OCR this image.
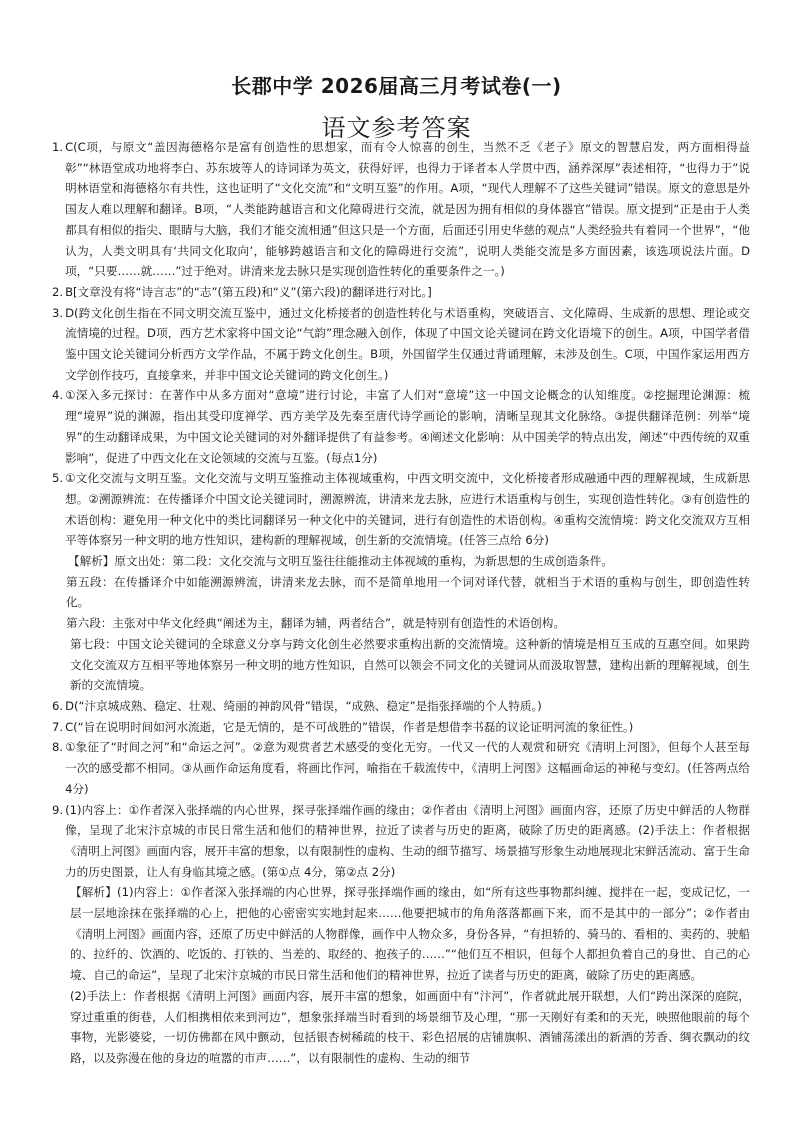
长郡中学 2026届高三月考试卷(一)
语文参考答案
1. C(C项，与原文“盖因海德格尔是富有创造性的思想家，而有令人惊喜的创生，当然不乏《老子》原文的智慧启发，两方面相得益彰”“林语堂成功地将李白、苏东坡等人的诗词译为英文，获得好评，也得力于译者本人学贯中西，涵养深厚”表述相符，“也得力于”说明林语堂和海德格尔有共性，这也证明了“文化交流”和“文明互鉴”的作用。A项，“现代人理解不了这些关键词”错误。原文的意思是外国友人难以理解和翻译。B项，“人类能跨越语言和文化障碍进行交流，就是因为拥有相似的身体器官”错误。原文提到“正是由于人类都具有相似的指尖、眼睛与大脑，我们才能交流相通”但这只是一个方面，后面还引用史华慈的观点“人类经验共有着同一个世界”，“他认为，人类文明具有‘共同文化取向’，能够跨越语言和文化的障碍进行交流”，说明人类能交流是多方面因素，该选项说法片面。D项，“只要……就……”过于绝对。讲清来龙去脉只是实现创造性转化的重要条件之一。)
2. B[文章没有将“诗言志”的“志”(第五段)和“义”(第六段)的翻译进行对比。]
3. D(跨文化创生指在不同文明交流互鉴中，通过文化桥接者的创造性转化与术语重构，突破语言、文化障碍、生成新的思想、理论或交流情境的过程。D项，西方艺术家将中国文论“气韵”理念融入创作，体现了中国文论关键词在跨文化语境下的创生。A项，中国学者借鉴中国文论关键词分析西方文学作品，不属于跨文化创生。B项，外国留学生仅通过背诵理解，未涉及创生。C项，中国作家运用西方文学创作技巧，直接拿来，并非中国文论关键词的跨文化创生。)
4. ①深入多元探讨：在著作中从多方面对“意境”进行讨论，丰富了人们对“意境”这一中国文论概念的认知维度。②挖掘理论渊源：梳理“境界”说的渊源，指出其受印度禅学、西方美学及先秦至唐代诗学画论的影响，清晰呈现其文化脉络。③提供翻译范例：列举“境界”的生动翻译成果，为中国文论关键词的对外翻译提供了有益参考。④阐述文化影响：从中国美学的特点出发，阐述“中西传统的双重影响”，促进了中西文化在文论领域的交流与互鉴。(每点1分)
5. ①文化交流与文明互鉴。文化交流与文明互鉴推动主体视域重构，中西文明交流中，文化桥接者形成融通中西的理解视域，生成新思想。②溯源辨流：在传播译介中国文论关键词时，溯源辨流，讲清来龙去脉，应进行术语重构与创生，实现创造性转化。③有创造性的术语创构：避免用一种文化中的类比词翻译另一种文化中的关键词，进行有创造性的术语创构。④重构交流情境：跨文化交流双方互相平等体察另一种文明的地方性知识，建构新的理解视域，创生新的交流情境。(任答三点给 6分)
【解析】原文出处：第二段：文化交流与文明互鉴往往能推动主体视域的重构，为新思想的生成创造条件。
第五段：在传播译介中如能溯源辨流，讲清来龙去脉，而不是简单地用一个词对译代替，就相当于术语的重构与创生，即创造性转化。
第六段：主张对中华文化经典“阐述为主，翻译为辅，两者结合”，就是特别有创造性的术语创构。
第七段：中国文论关键词的全球意义分享与跨文化创生必然要求重构出新的交流情境。这种新的情境是相互玉成的互惠空间。如果跨文化交流双方互相平等地体察另一种文明的地方性知识，自然可以领会不同文化的关键词从而汲取智慧，建构出新的理解视域，创生新的交流情境。
6. D(“汴京城成熟、稳定、壮观、绮丽的神韵风骨”错误，“成熟、稳定”是指张择端的个人特质。)
7. C(“旨在说明时间如河水流逝，它是无情的，是不可战胜的”错误，作者是想借李书磊的议论证明河流的象征性。)
8. ①象征了“时间之河”和“命运之河”。②意为观赏者艺术感受的变化无穷。一代又一代的人观赏和研究《清明上河图》，但每个人甚至每一次的感受都不相同。③从画作命运角度看，将画比作河，喻指在千载流传中，《清明上河图》这幅画命运的神秘与变幻。(任答两点给 4分)
9. (1)内容上：①作者深入张择端的内心世界，探寻张择端作画的缘由；②作者由《清明上河图》画面内容，还原了历史中鲜活的人物群像，呈现了北宋汴京城的市民日常生活和他们的精神世界，拉近了读者与历史的距离，破除了历史的距离感。(2)手法上：作者根据《清明上河图》画面内容，展开丰富的想象，以有限制性的虚构、生动的细节描写、场景描写形象生动地展现北宋鲜活流动、富于生命力的历史图景，让人有身临其境之感。(第①点 4分，第②点 2分)
【解析】(1)内容上：①作者深入张择端的内心世界，探寻张择端作画的缘由，如“所有这些事物都纠缠、搅拌在一起，变成记忆，一层一层地涂抹在张择端的心上，把他的心密密实实地封起来……他要把城市的角角落落都画下来，而不是其中的一部分”；②作者由《清明上河图》画面内容，还原了历史中鲜活的人物群像，画作中人物众多，身份各异，“有担轿的、骑马的、看相的、卖药的、驶船的、拉纤的、饮酒的、吃饭的、打铁的、当差的、取经的、抱孩子的……”“他们互不相识，但每个人都担负着自己的身世、自己的心境、自己的命运”，呈现了北宋汴京城的市民日常生活和他们的精神世界，拉近了读者与历史的距离，破除了历史的距离感。
(2)手法上：作者根据《清明上河图》画面内容，展开丰富的想象，如画面中有“汴河”，作者就此展开联想，人们“跨出深深的庭院，穿过重重的街巷，人们相携相依来到河边”，想象张择端当时看到的场景细节及心理，“那一天刚好有柔和的天光，映照他眼前的每个事物，光影婆娑，一切仿佛都在风中颤动，包括银杏树稀疏的枝干、彩色招展的店铺旗帜、酒铺荡漾出的新酒的芳香、绸衣飘动的纹路，以及弥漫在他的身边的喧嚣的市声……”，以有限制性的虚构、生动的细节
